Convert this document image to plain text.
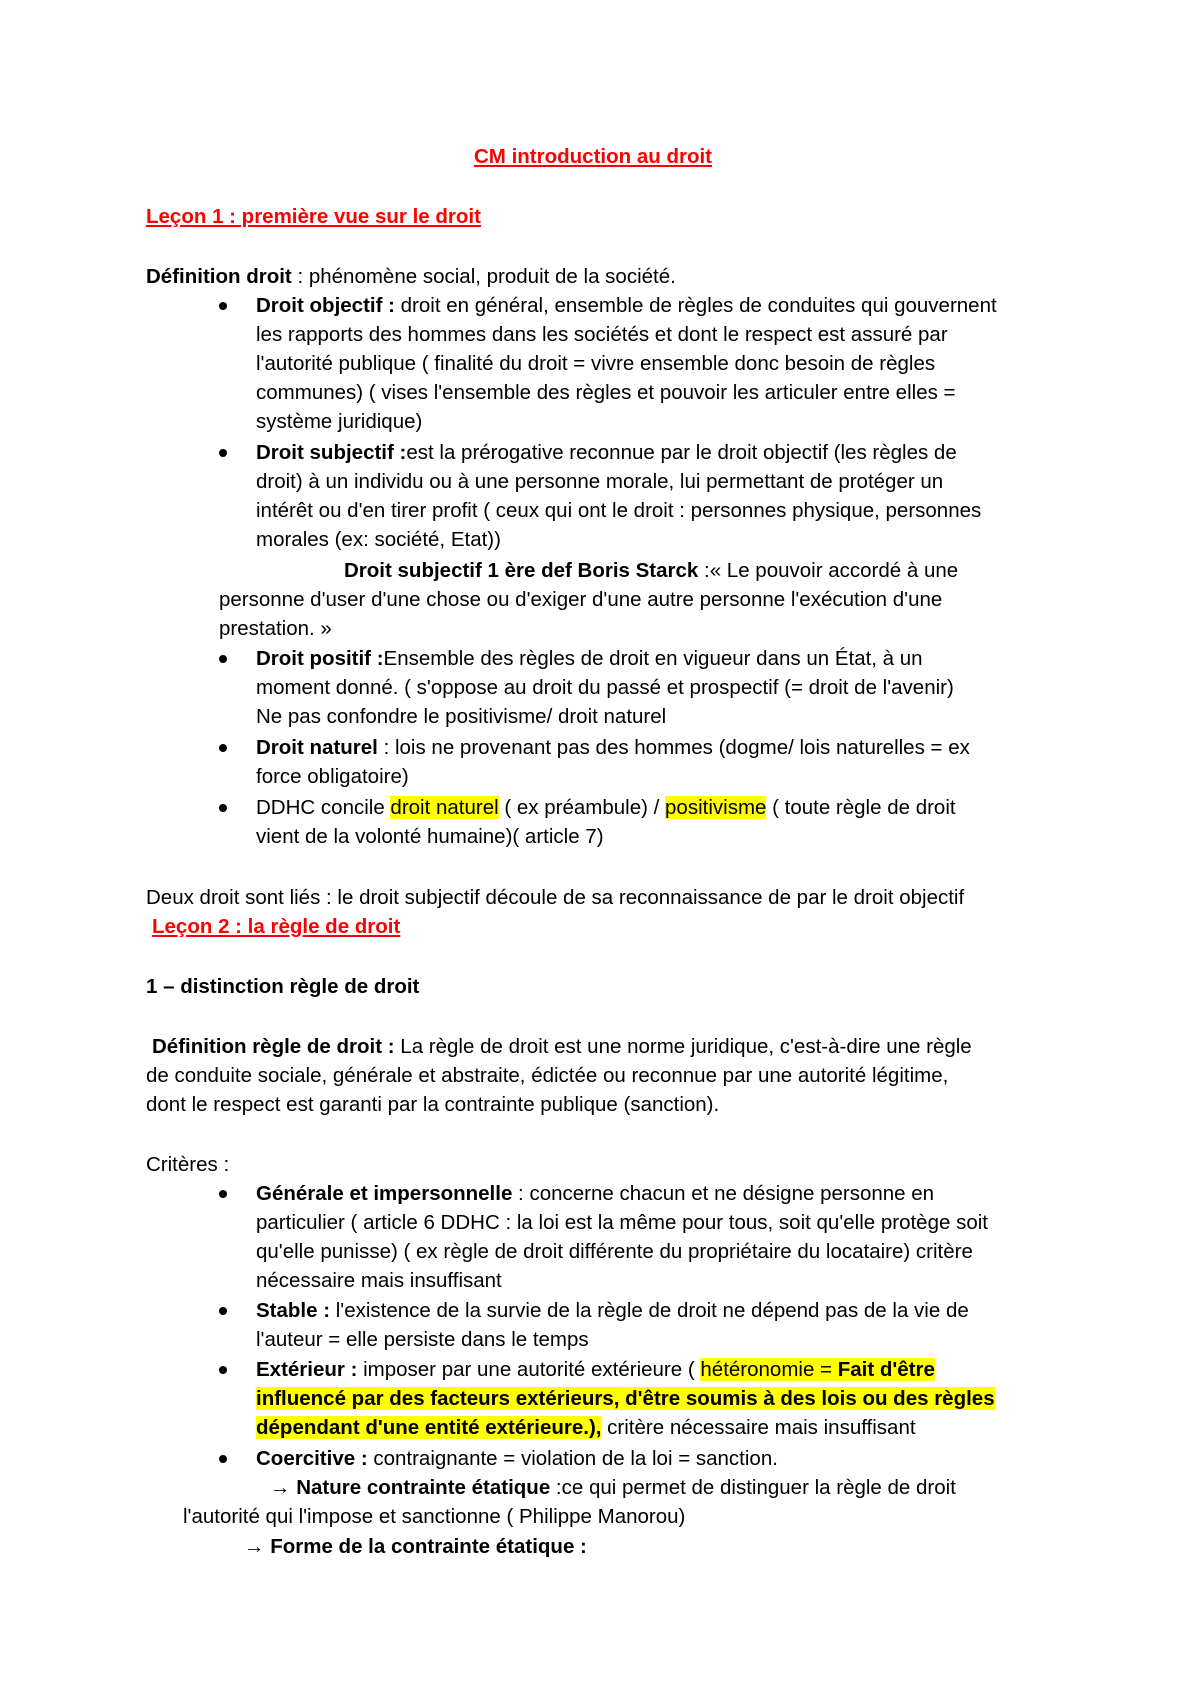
CM introduction au droit
Leçon 1 : première vue sur le droit
Définition droit : phénomène social, produit de la société.
Droit objectif : droit en général, ensemble de règles de conduites qui gouvernent
les rapports des hommes dans les sociétés et dont le respect est assuré par
l'autorité publique ( finalité du droit = vivre ensemble donc besoin de règles
communes) ( vises l'ensemble des règles et pouvoir les articuler entre elles =
système juridique)
Droit subjectif :est la prérogative reconnue par le droit objectif (les règles de
droit) à un individu ou à une personne morale, lui permettant de protéger un
intérêt ou d'en tirer profit ( ceux qui ont le droit : personnes physique, personnes
morales (ex: société, Etat))
Droit subjectif 1 ère def Boris Starck :« Le pouvoir accordé à une
personne d'user d'une chose ou d'exiger d'une autre personne l'exécution d'une
prestation. »
Droit positif :Ensemble des règles de droit en vigueur dans un État, à un
moment donné. ( s'oppose au droit du passé et prospectif (= droit de l'avenir)
Ne pas confondre le positivisme/ droit naturel
Droit naturel : lois ne provenant pas des hommes (dogme/ lois naturelles = ex
force obligatoire)
DDHC concile droit naturel ( ex préambule) / positivisme ( toute règle de droit
vient de la volonté humaine)( article 7)
Deux droit sont liés : le droit subjectif découle de sa reconnaissance de par le droit objectif
Leçon 2 : la règle de droit
1 – distinction règle de droit
Définition règle de droit : La règle de droit est une norme juridique, c'est-à-dire une règle
de conduite sociale, générale et abstraite, édictée ou reconnue par une autorité légitime,
dont le respect est garanti par la contrainte publique (sanction).
Critères :
Générale et impersonnelle : concerne chacun et ne désigne personne en
particulier ( article 6 DDHC : la loi est la même pour tous, soit qu'elle protège soit
qu'elle punisse) ( ex règle de droit différente du propriétaire du locataire) critère
nécessaire mais insuffisant
Stable : l'existence de la survie de la règle de droit ne dépend pas de la vie de
l'auteur = elle persiste dans le temps
Extérieur : imposer par une autorité extérieure ( hétéronomie = Fait d'être
influencé par des facteurs extérieurs, d'être soumis à des lois ou des règles
dépendant d'une entité extérieure.), critère nécessaire mais insuffisant
Coercitive : contraignante = violation de la loi = sanction.
→ Nature contrainte étatique :ce qui permet de distinguer la règle de droit
l'autorité qui l'impose et sanctionne ( Philippe Manorou)
→ Forme de la contrainte étatique :
